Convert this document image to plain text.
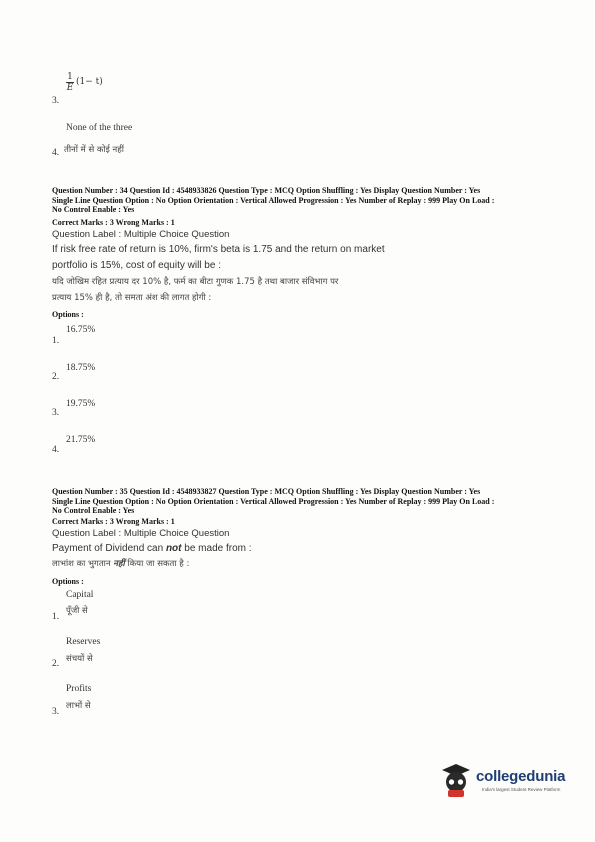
$\frac{1}{E} (1- t)$
3.
None of the three
4. तीनों में से कोई नहीं
Question Number : 34 Question Id : 4548933826 Question Type : MCQ Option Shuffling : Yes Display Question Number : Yes
Single Line Question Option : No Option Orientation : Vertical Allowed Progression : Yes Number of Replay : 999 Play On Load :
No Control Enable : Yes
Correct Marks : 3 Wrong Marks : 1
Question Label : Multiple Choice Question
If risk free rate of return is 10%, firm's beta is 1.75 and the return on market
portfolio is 15%, cost of equity will be :
यदि जोखिम रहित प्रत्याय दर 10% है, फर्म का बीटा गुणक 1.75 है तथा बाजार संविभाग पर
प्रत्याय 15% ही है, तो समता अंश की लागत होगी :
Options :
16.75%
1.
18.75%
2.
19.75%
3.
21.75%
4.
Question Number : 35 Question Id : 4548933827 Question Type : MCQ Option Shuffling : Yes Display Question Number : Yes
Single Line Question Option : No Option Orientation : Vertical Allowed Progression : Yes Number of Replay : 999 Play On Load :
No Control Enable : Yes
Correct Marks : 3 Wrong Marks : 1
Question Label : Multiple Choice Question
Payment of Dividend can not be made from :
लाभांश का भुगतान नहीं किया जा सकता है :
Options :
Capital
पूँजी से
1.
Reserves
संचयों से
2.
Profits
लाभों से
3.
collegedunia
India's largest Student Review Platform
